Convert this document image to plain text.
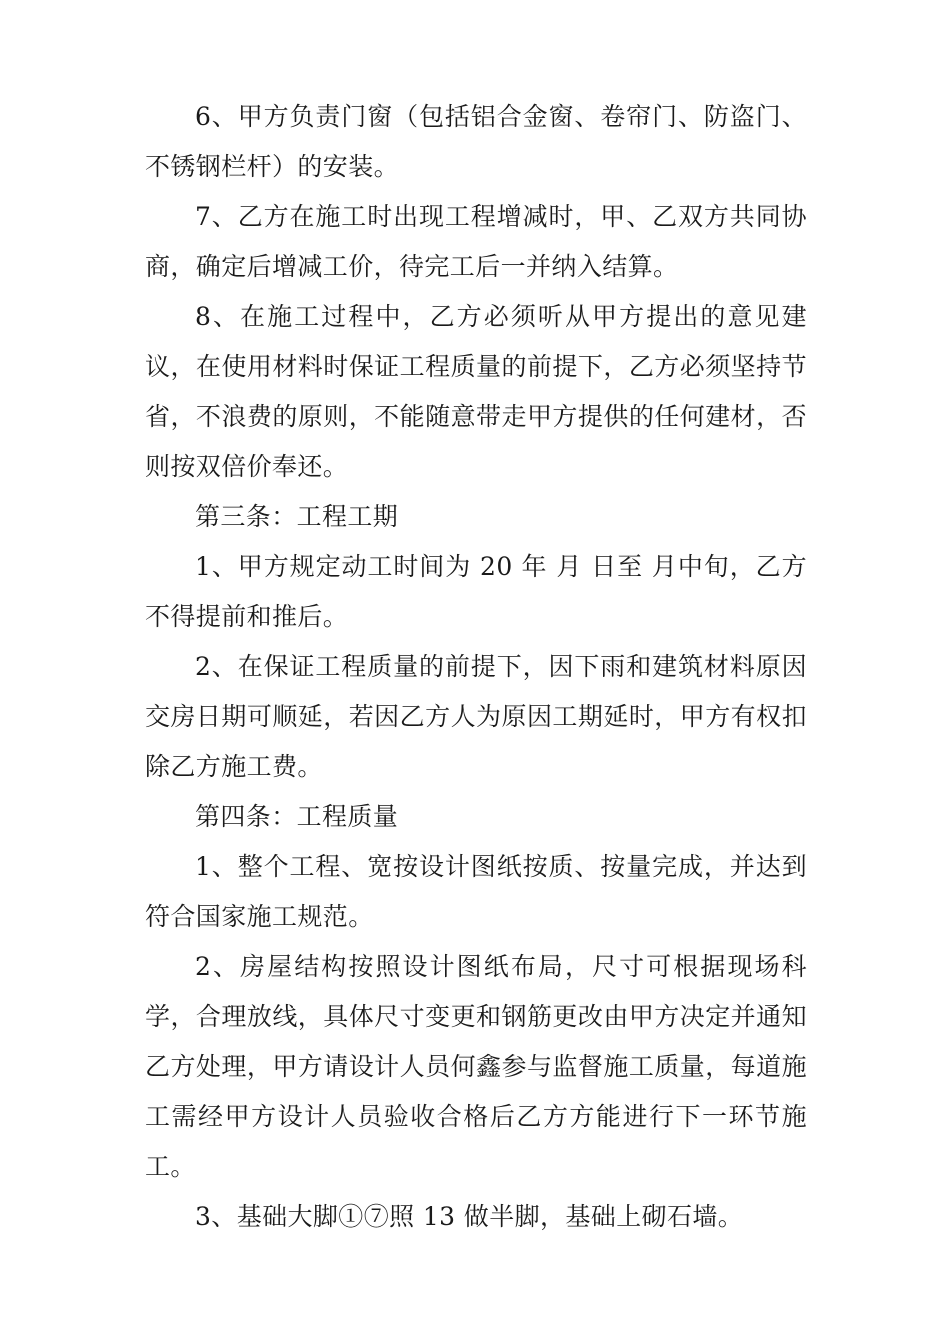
6、甲方负责门窗（包括铝合金窗、卷帘门、防盗门、不锈钢栏杆）的安装。

7、乙方在施工时出现工程增减时，甲、乙双方共同协商，确定后增减工价，待完工后一并纳入结算。

8、在施工过程中，乙方必须听从甲方提出的意见建议，在使用材料时保证工程质量的前提下，乙方必须坚持节省，不浪费的原则，不能随意带走甲方提供的任何建材，否则按双倍价奉还。

第三条：工程工期

1、甲方规定动工时间为 20 年 月 日至 月中旬，乙方不得提前和推后。

2、在保证工程质量的前提下，因下雨和建筑材料原因交房日期可顺延，若因乙方人为原因工期延时，甲方有权扣除乙方施工费。

第四条：工程质量

1、整个工程、宽按设计图纸按质、按量完成，并达到符合国家施工规范。

2、房屋结构按照设计图纸布局，尺寸可根据现场科学，合理放线，具体尺寸变更和钢筋更改由甲方决定并通知乙方处理，甲方请设计人员何鑫参与监督施工质量，每道施工需经甲方设计人员验收合格后乙方方能进行下一环节施工。

3、基础大脚①⑦照 13 做半脚，基础上砌石墙。
